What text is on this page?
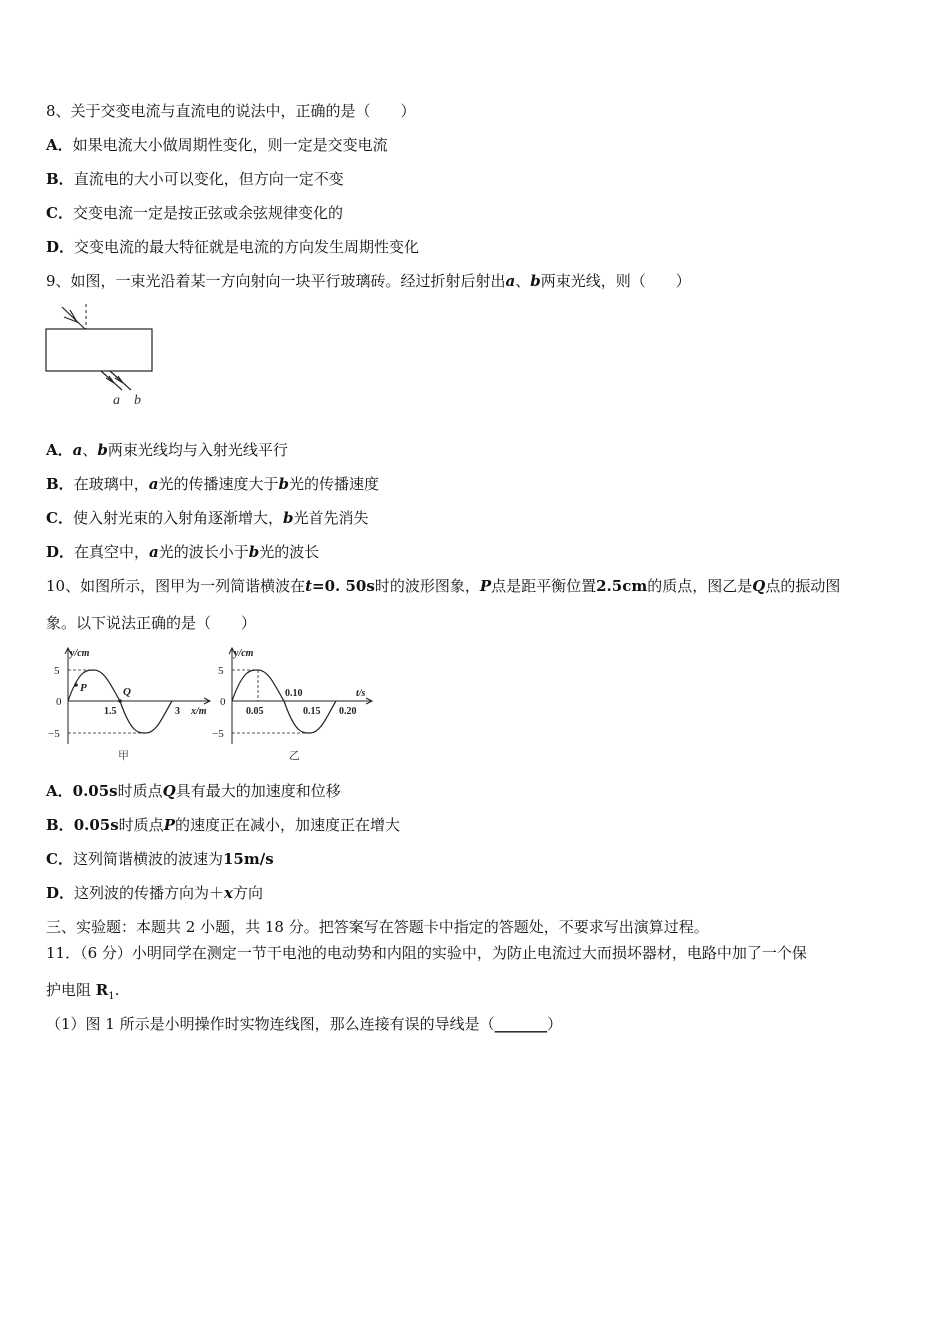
8、关于交变电流与直流电的说法中，正确的是（　　）
A．如果电流大小做周期性变化，则一定是交变电流
B．直流电的大小可以变化，但方向一定不变
C．交变电流一定是按正弦或余弦规律变化的
D．交变电流的最大特征就是电流的方向发生周期性变化
9、如图，一束光沿着某一方向射向一块平行玻璃砖。经过折射后射出a、b两束光线，则（　　）
a b
A．a、b两束光线均与入射光线平行
B．在玻璃中，a光的传播速度大于b光的传播速度
C．使入射光束的入射角逐渐增大，b光首先消失
D．在真空中，a光的波长小于b光的波长
10、如图所示，图甲为一列简谐横波在t=0. 50s时的波形图象，P点是距平衡位置2.5cm的质点，图乙是Q点的振动图
象。以下说法正确的是（　　）
y/cm
5
0
−5
P	Q
1.5	3 x/m
甲
y/cm
5
0
−5
0.05
0.10
0.15 0.20
t/s
乙
A．0.05s时质点Q具有最大的加速度和位移
B．0.05s时质点P的速度正在减小，加速度正在增大
C．这列简谐横波的波速为15m/s
D．这列波的传播方向为＋x方向
三、实验题：本题共 2 小题，共 18 分。把答案写在答题卡中指定的答题处，不要求写出演算过程。
11．（6 分）小明同学在测定一节干电池的电动势和内阻的实验中，为防止电流过大而损坏器材，电路中加了一个保
护电阻 $R_1$.
（1）图 1 所示是小明操作时实物连线图，那么连接有误的导线是（_______）
